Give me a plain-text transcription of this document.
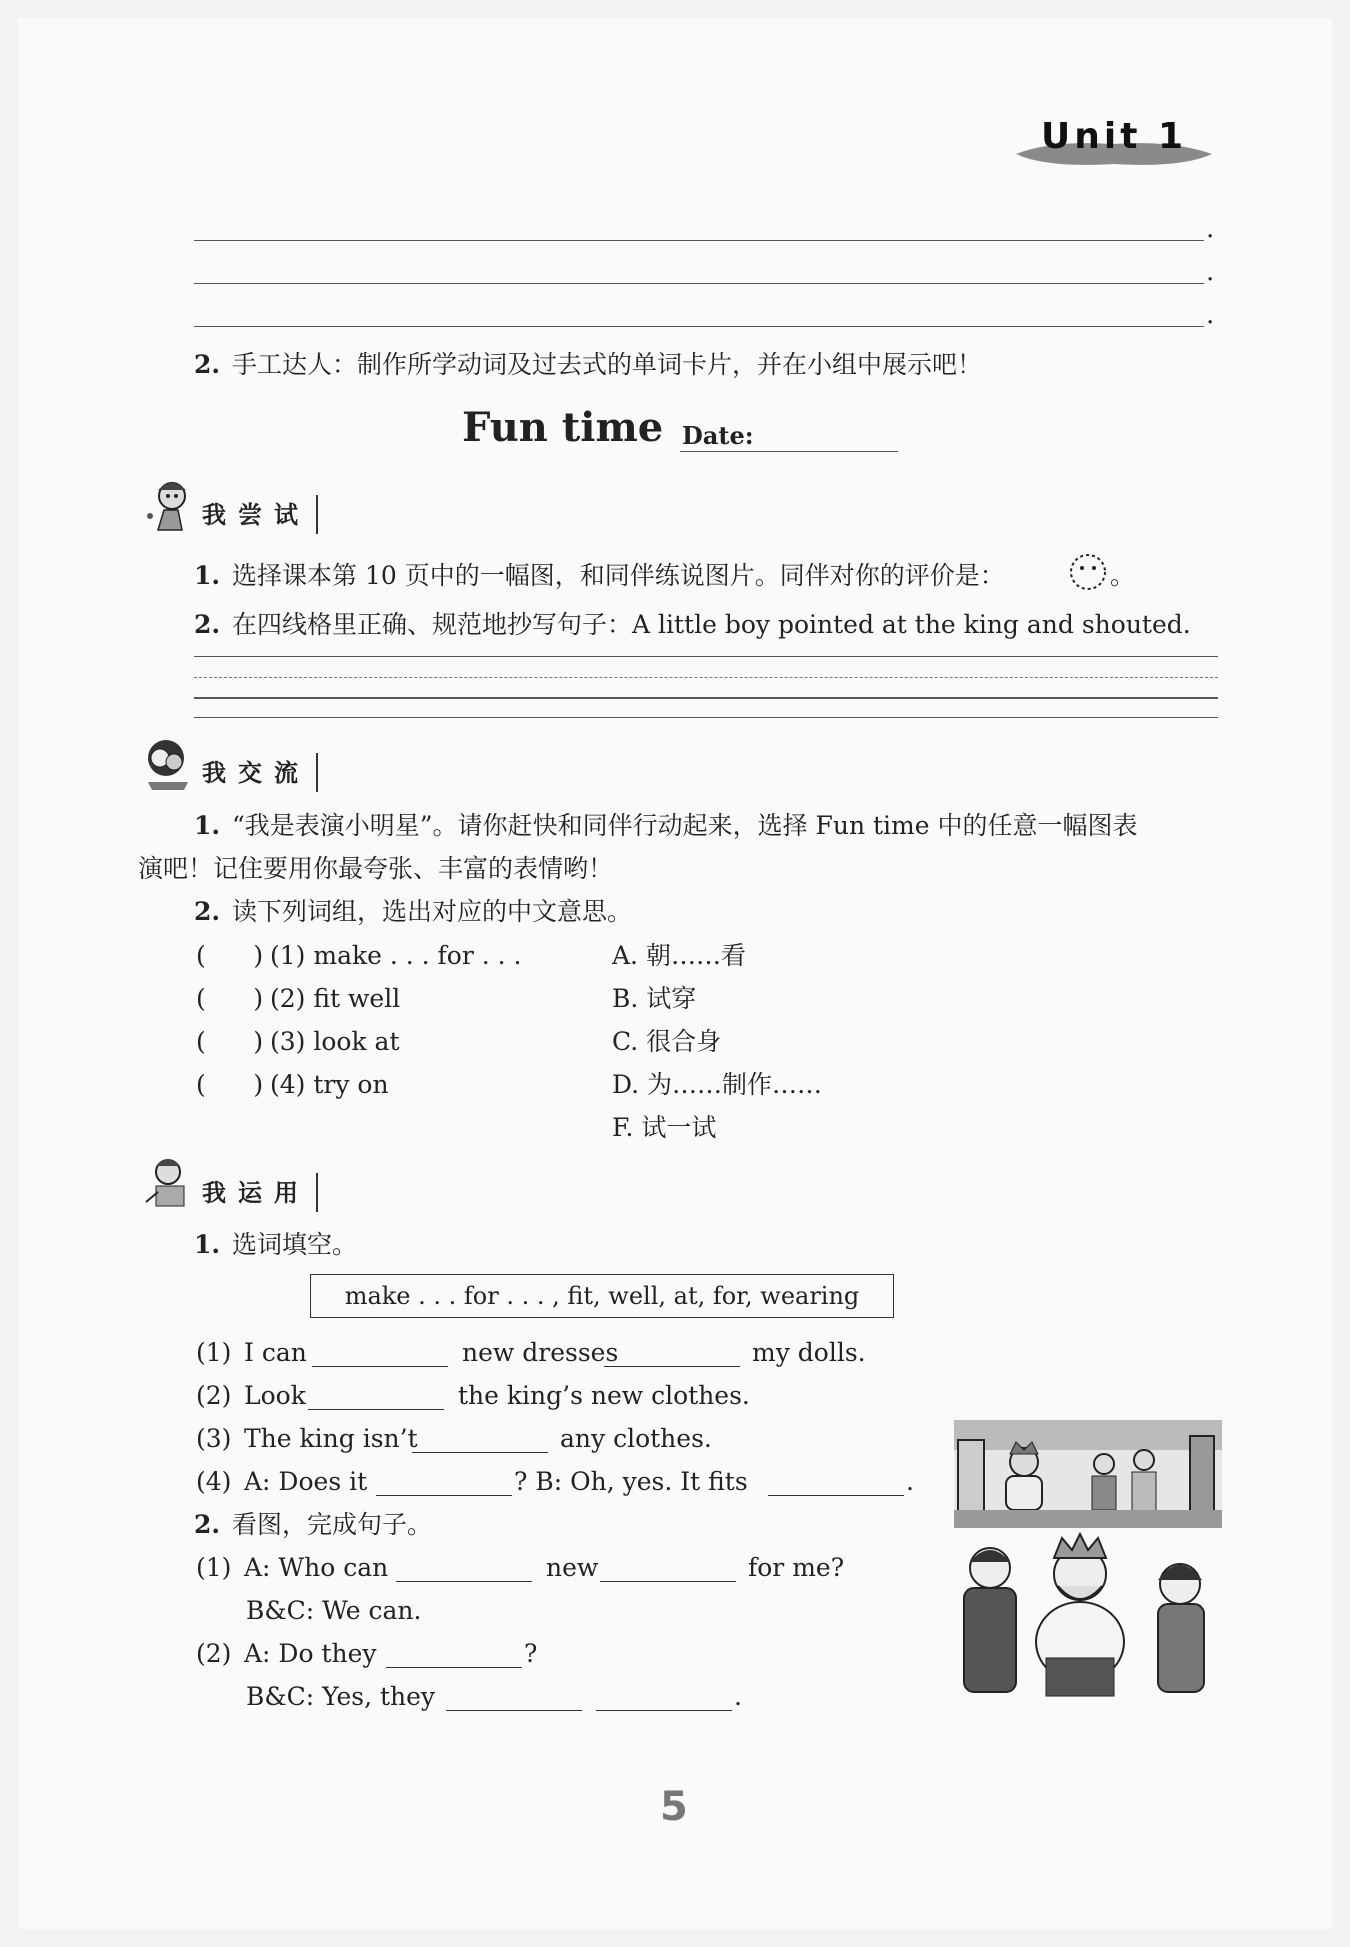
Unit 1
.
.
.
2. 手工达人：制作所学动词及过去式的单词卡片，并在小组中展示吧！
Fun time Date:
我尝试
1. 选择课本第 10 页中的一幅图，和同伴练说图片。同伴对你的评价是：	。
2. 在四线格里正确、规范地抄写句子：A little boy pointed at the king and shouted.
我交流
1. “我是表演小明星”。请你赶快和同伴行动起来，选择 Fun time 中的任意一幅图表
演吧！记住要用你最夸张、丰富的表情哟！
2. 读下列词组，选出对应的中文意思。
(      ) (1) make . . . for . . .	A. 朝……看
(      ) (2) fit well	B. 试穿
(      ) (3) look at	C. 很合身
(      ) (4) try on	D. 为……制作……
F. 试一试
我运用
1. 选词填空。
make . . . for . . . , fit, well, at, for, wearing
(1) I can	new dresses	my dolls.
(2) Look	the king’s new clothes.
(3) The king isn’t	any clothes.
(4) A: Does it	? B: Oh, yes. It fits	.
2. 看图，完成句子。
(1) A: Who can	new	for me?
B&C: We can.
(2) A: Do they	?
B&C: Yes, they	.
5
